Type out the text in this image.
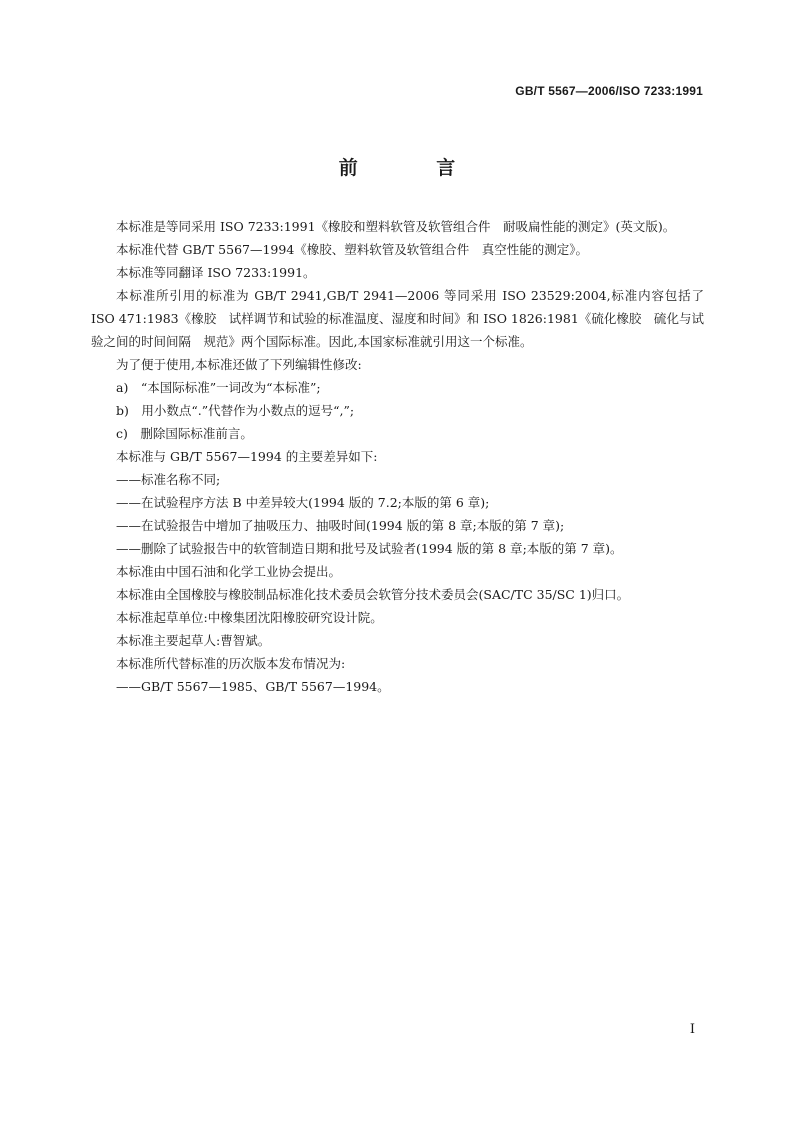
GB/T 5567—2006/ISO 7233:1991
前 言
本标准是等同采用 ISO 7233:1991《橡胶和塑料软管及软管组合件　耐吸扁性能的测定》(英文版)。
本标准代替 GB/T 5567—1994《橡胶、塑料软管及软管组合件　真空性能的测定》。
本标准等同翻译 ISO 7233:1991。
本标准所引用的标准为 GB/T 2941,GB/T 2941—2006 等同采用 ISO 23529:2004,标准内容包括了 ISO 471:1983《橡胶　试样调节和试验的标准温度、湿度和时间》和 ISO 1826:1981《硫化橡胶　硫化与试验之间的时间间隔　规范》两个国际标准。因此,本国家标准就引用这一个标准。
为了便于使用,本标准还做了下列编辑性修改:
a)　“本国际标准”一词改为“本标准”;
b)　用小数点“.”代替作为小数点的逗号“,”;
c)　删除国际标准前言。
本标准与 GB/T 5567—1994 的主要差异如下:
——标准名称不同;
——在试验程序方法 B 中差异较大(1994 版的 7.2;本版的第 6 章);
——在试验报告中增加了抽吸压力、抽吸时间(1994 版的第 8 章;本版的第 7 章);
——删除了试验报告中的软管制造日期和批号及试验者(1994 版的第 8 章;本版的第 7 章)。
本标准由中国石油和化学工业协会提出。
本标准由全国橡胶与橡胶制品标准化技术委员会软管分技术委员会(SAC/TC 35/SC 1)归口。
本标准起草单位:中橡集团沈阳橡胶研究设计院。
本标准主要起草人:曹智斌。
本标准所代替标准的历次版本发布情况为:
——GB/T 5567—1985、GB/T 5567—1994。
I
